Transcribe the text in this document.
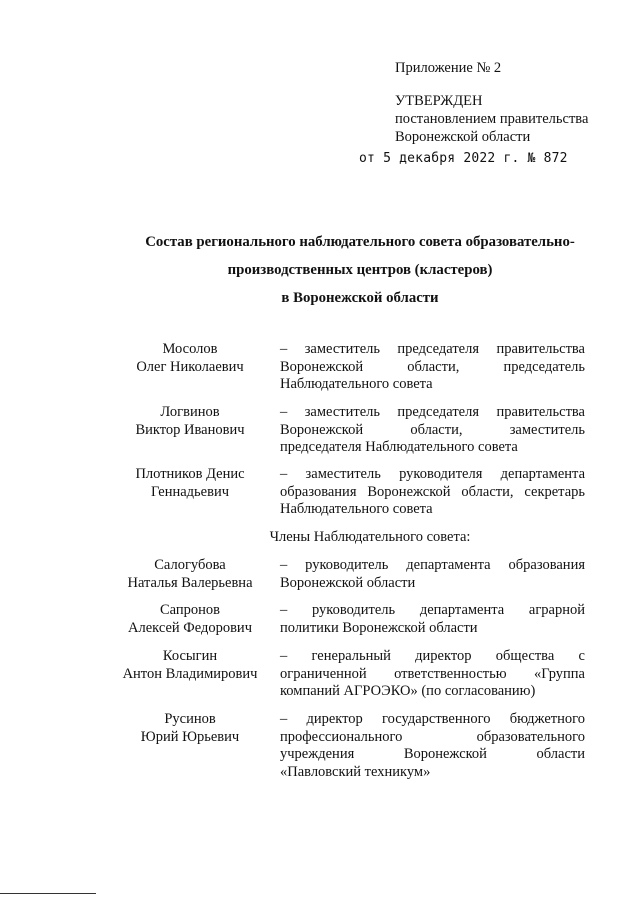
Приложение № 2
УТВЕРЖДЕН
постановлением правительства
Воронежской области
от 5 декабря 2022 г. № 872
Состав регионального наблюдательного совета образовательно-
производственных центров (кластеров)
в Воронежской области
Мосолов
Олег Николаевич
– заместитель председателя правительства
Воронежской области, председатель
Наблюдательного совета
Логвинов
Виктор Иванович
– заместитель председателя правительства
Воронежской области, заместитель
председателя Наблюдательного совета
Плотников Денис
Геннадьевич
– заместитель руководителя департамента
образования Воронежской области, секретарь
Наблюдательного совета
Члены Наблюдательного совета:
Салогубова
Наталья Валерьевна
– руководитель департамента образования
Воронежской области
Сапронов
Алексей Федорович
– руководитель департамента аграрной
политики Воронежской области
Косыгин
Антон Владимирович
– генеральный директор общества с
ограниченной ответственностью «Группа
компаний АГРОЭКО» (по согласованию)
Русинов
Юрий Юрьевич
– директор государственного бюджетного
профессионального образовательного
учреждения Воронежской области
«Павловский техникум»
